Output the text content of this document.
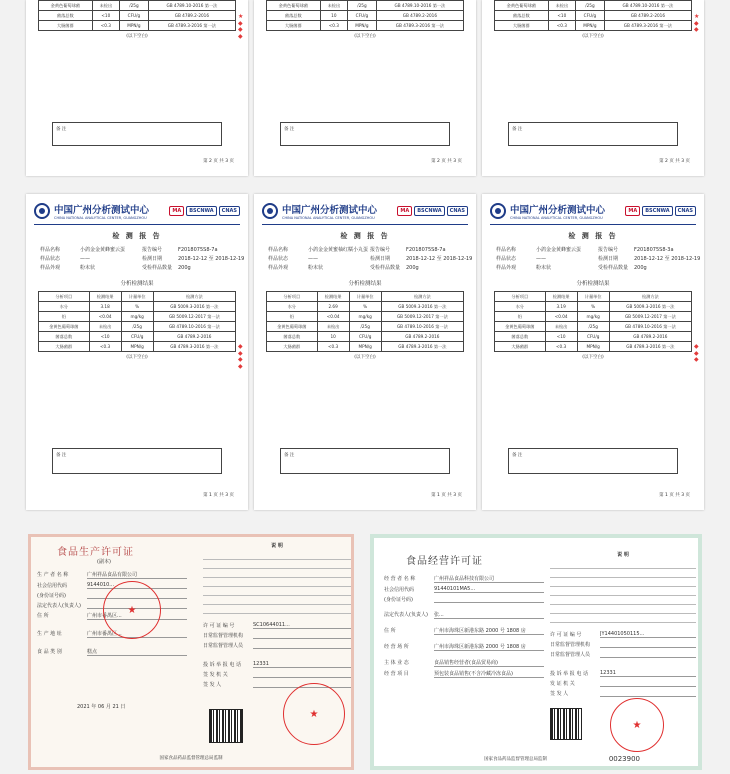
金黄色葡萄球菌	未检出	/25g	GB 4789.10-2016 第一法
菌落总数	<10	CFU/g	GB 4789.2-2016
大肠菌群	<0.3	MPN/g	GB 4789.3-2016 第一法
(以下空白)
备 注
第 2 页 共 3 页
★
◆
◆
◆
金黄色葡萄球菌	未检出	/25g	GB 4789.10-2016 第一法
菌落总数	10	CFU/g	GB 4789.2-2016
大肠菌群	<0.3	MPN/g	GB 4789.3-2016 第一法
(以下空白)
备 注
第 2 页 共 3 页
金黄色葡萄球菌	未检出	/25g	GB 4789.10-2016 第一法
菌落总数	<10	CFU/g	GB 4789.2-2016
大肠菌群	<0.3	MPN/g	GB 4789.3-2016 第一法
(以下空白)
备 注
第 2 页 共 3 页
★
◆
◆
中国广州分析测试中心
CHINA NATIONAL ANALYTICAL CENTER, GUANGZHOU
MA	BSCNWA	CNAS
检 测 报 告
样品名称	小鸽金金黄蜂蜜云蛋	报告编号	F2018075S8-7a
样品状态	——	检测日期	2018-12-12 至 2018-12-19
样品外观	粉末状	受检样品数量	200g
分析检测结果
分析项目	检测结果	计量单位	检测方法
水分	3.18	%	GB 5009.3-2016 第一法
铅	<0.04	mg/kg	GB 5009.12-2017 第一法
金黄色葡萄球菌	未检出	/25g	GB 4789.10-2016 第一法
菌落总数	<10	CFU/g	GB 4789.2-2016
大肠菌群	<0.3	MPN/g	GB 4789.3-2016 第一法
(以下空白)
备 注
第 1 页 共 3 页
◆
◆
◆
◆
中国广州分析测试中心
CHINA NATIONAL ANALYTICAL CENTER, GUANGZHOU
MA	BSCNWA	CNAS
检 测 报 告
样品名称	小鸽金金黄蜜柚红糯小丸蛋 报告编号	F2018075S8-7a
样品状态	——	检测日期	2018-12-12 至 2018-12-19
样品外观	粉末状	受检样品数量	200g
分析检测结果
分析项目	检测结果	计量单位	检测方法
水分	2.69	%	GB 5009.3-2016 第一法
铅	<0.04	mg/kg	GB 5009.12-2017 第一法
金黄色葡萄球菌	未检出	/25g	GB 4789.10-2016 第一法
菌落总数	10	CFU/g	GB 4789.2-2016
大肠菌群	<0.3	MPN/g	GB 4789.3-2016 第一法
(以下空白)
备 注
第 1 页 共 3 页
中国广州分析测试中心
CHINA NATIONAL ANALYTICAL CENTER, GUANGZHOU
MA	BSCNWA	CNAS
检 测 报 告
样品名称	小鸽金金黄蜂蜜云蛋	报告编号	F2018075S8-3a
样品状态	——	检测日期	2018-12-12 至 2018-12-19
样品外观	粉末状	受检样品数量	200g
分析检测结果
分析项目	检测结果	计量单位	检测方法
水分	3.19	%	GB 5009.3-2016 第一法
铅	<0.04	mg/kg	GB 5009.12-2017 第一法
金黄色葡萄球菌	未检出	/25g	GB 4789.10-2016 第一法
菌落总数	<10	CFU/g	GB 4789.2-2016
大肠菌群	<0.3	MPN/g	GB 4789.3-2016 第一法
(以下空白)
备 注
第 1 页 共 3 页
◆
◆
◆
食品生产许可证
(副本)
生 产 者 名 称	广州祥品食品有限公司
社会信用代码	9144010...
(身份证号码)
法定代表人(负责人)
住 所	广州市番禺区...
生 产 地 址	广州市番禺区...
食 品 类 别	糕点
2021 年 06 月 21 日
★
说 明
许 可 证 编 号	SC10644011...
日常监督管理机构
日常监督管理人员
投 诉 举 报 电 话	12331
签 发 机 关
签 发 人
★
国家食品药品监督管理总局监制
食品经营许可证
经 营 者 名 称	广州祥品食品科技有限公司
社会信用代码	91440101MA5...
(身份证号码)
法定代表人(负责人)	张...
住 所	广州市海珠区新港东路 2000 号 1808 房
经 营 场 所	广州市海珠区新港东路 2000 号 1808 房
主 体 业 态	食品销售经营者(食品贸易商)
经 营 项 目	预包装食品销售(不含冷藏冷冻食品)
说 明
许 可 证 编 号	JY14401050115...
日常监督管理机构
日常监督管理人员
投 诉 举 报 电 话	12331
发 证 机 关
签 发 人
★
国家食品药品监督管理总局监制	0023900
